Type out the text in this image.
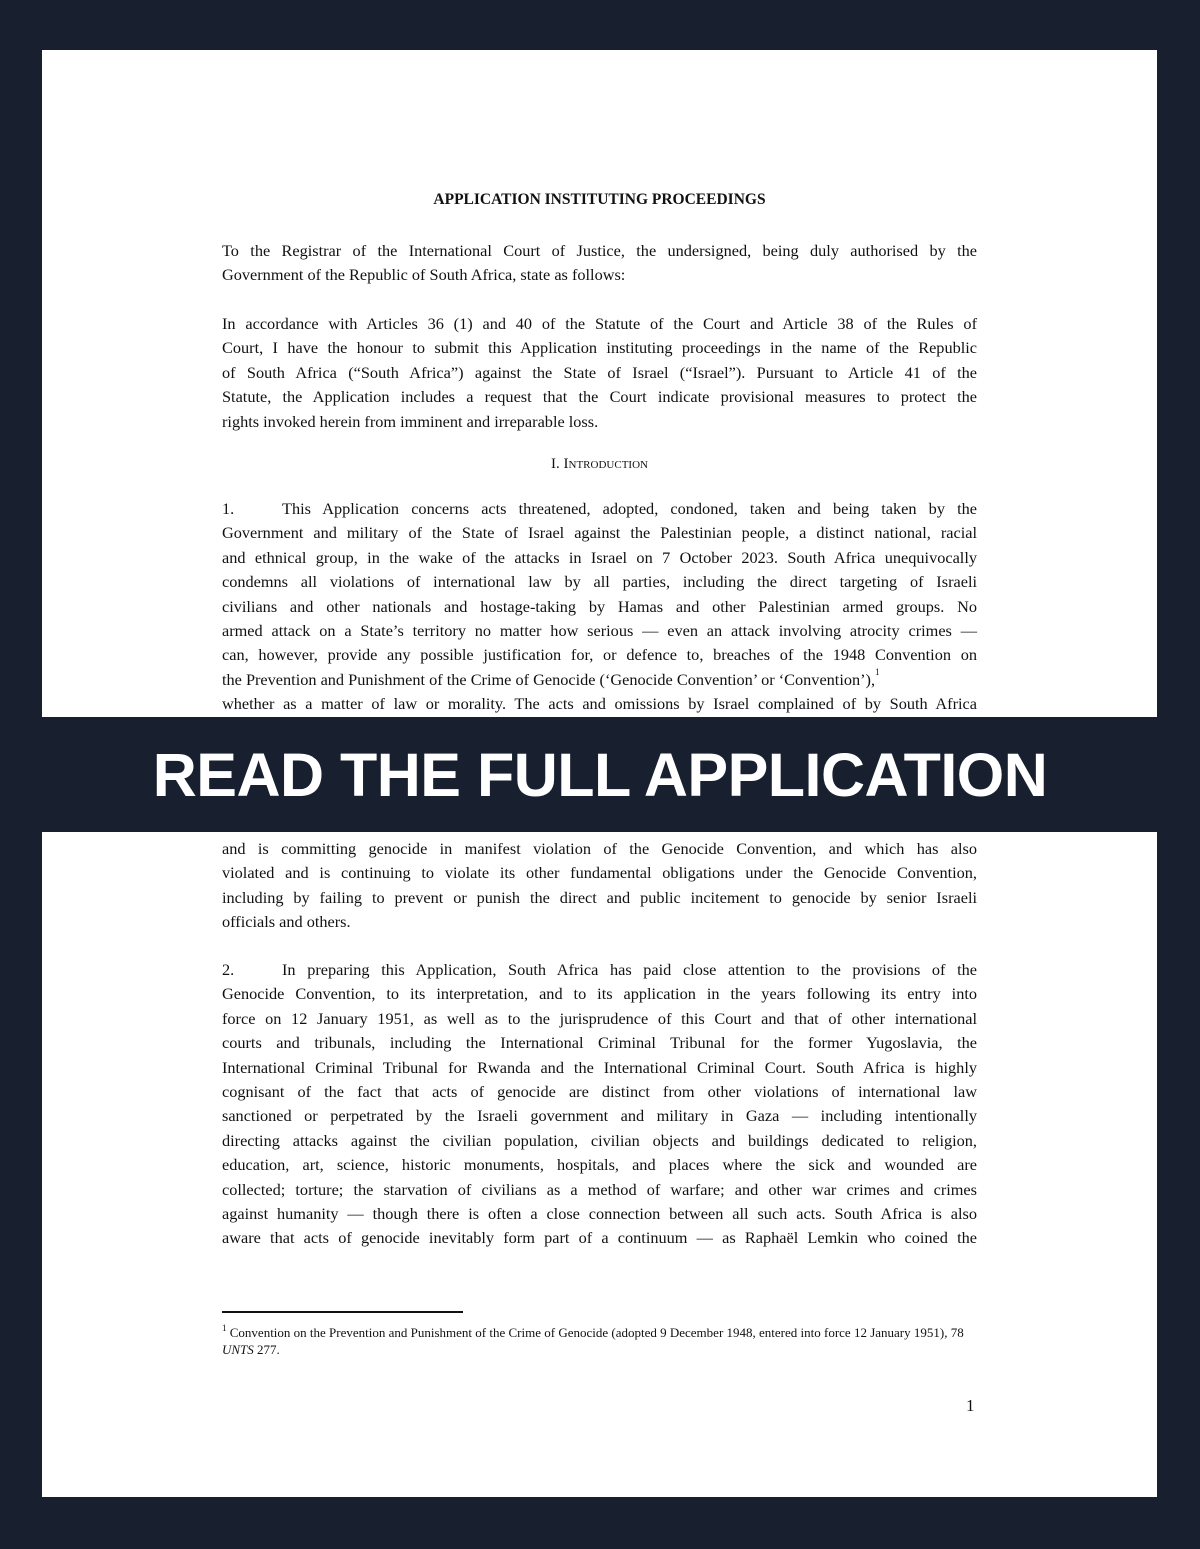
APPLICATION INSTITUTING PROCEEDINGS
To the Registrar of the International Court of Justice, the undersigned, being duly authorised by the
Government of the Republic of South Africa, state as follows:
In accordance with Articles 36 (1) and 40 of the Statute of the Court and Article 38 of the Rules of
Court, I have the honour to submit this Application instituting proceedings in the name of the Republic
of South Africa (“South Africa”) against the State of Israel (“Israel”). Pursuant to Article 41 of the
Statute, the Application includes a request that the Court indicate provisional measures to protect the
rights invoked herein from imminent and irreparable loss.
I. Introduction
1.	This Application concerns acts threatened, adopted, condoned, taken and being taken by the
Government and military of the State of Israel against the Palestinian people, a distinct national, racial
and ethnical group, in the wake of the attacks in Israel on 7 October 2023. South Africa unequivocally
condemns all violations of international law by all parties, including the direct targeting of Israeli
civilians and other nationals and hostage-taking by Hamas and other Palestinian armed groups. No
armed attack on a State’s territory no matter how serious — even an attack involving atrocity crimes —
can, however, provide any possible justification for, or defence to, breaches of the 1948 Convention on
the Prevention and Punishment of the Crime of Genocide (‘Genocide Convention’ or ‘Convention’),$^1$
whether as a matter of law or morality. The acts and omissions by Israel complained of by South Africa
and is committing genocide in manifest violation of the Genocide Convention, and which has also
violated and is continuing to violate its other fundamental obligations under the Genocide Convention,
including by failing to prevent or punish the direct and public incitement to genocide by senior Israeli
officials and others.
2.	In preparing this Application, South Africa has paid close attention to the provisions of the
Genocide Convention, to its interpretation, and to its application in the years following its entry into
force on 12 January 1951, as well as to the jurisprudence of this Court and that of other international
courts and tribunals, including the International Criminal Tribunal for the former Yugoslavia, the
International Criminal Tribunal for Rwanda and the International Criminal Court. South Africa is highly
cognisant of the fact that acts of genocide are distinct from other violations of international law
sanctioned or perpetrated by the Israeli government and military in Gaza — including intentionally
directing attacks against the civilian population, civilian objects and buildings dedicated to religion,
education, art, science, historic monuments, hospitals, and places where the sick and wounded are
collected; torture; the starvation of civilians as a method of warfare; and other war crimes and crimes
against humanity — though there is often a close connection between all such acts. South Africa is also
aware that acts of genocide inevitably form part of a continuum — as Raphaël Lemkin who coined the
$^1$ Convention on the Prevention and Punishment of the Crime of Genocide (adopted 9 December 1948, entered into force 12 January 1951), 78 UNTS 277.
1
READ THE FULL APPLICATION
